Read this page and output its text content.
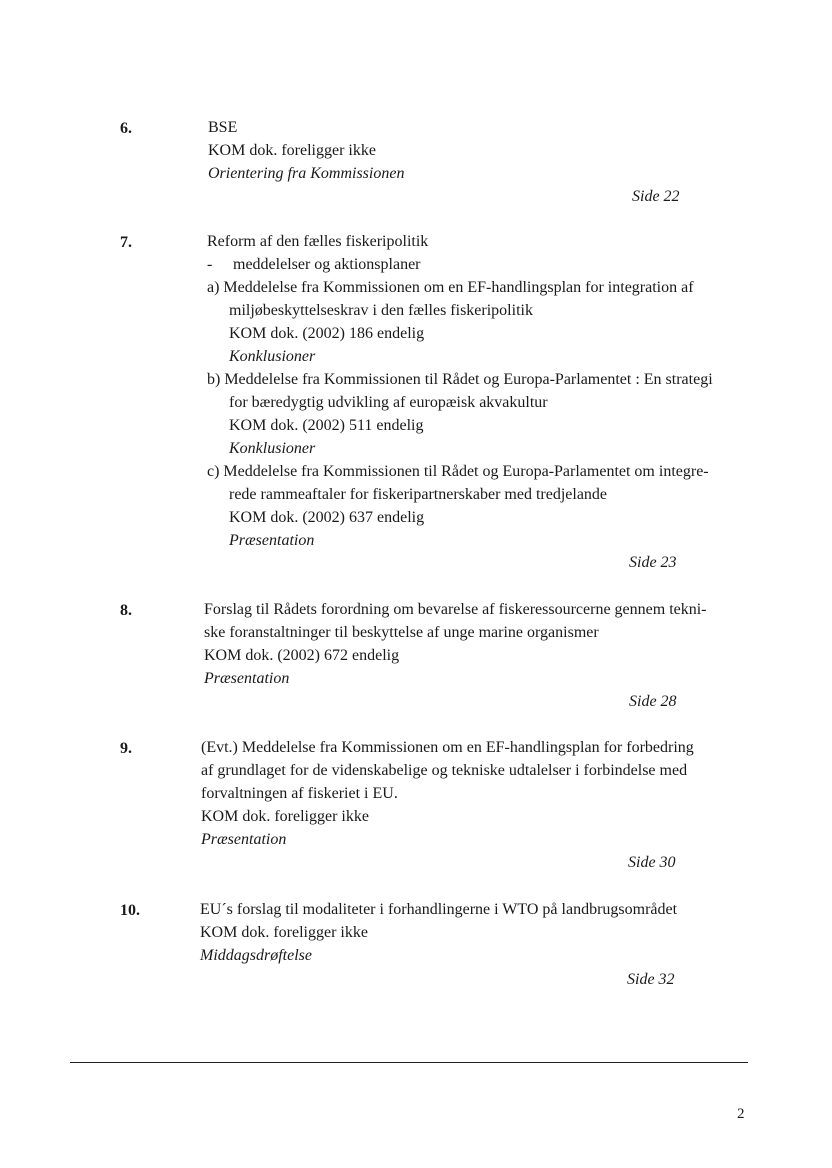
6.	BSE
KOM dok. foreligger ikke
Orientering fra Kommissionen
Side 22
7.	Reform af den fælles fiskeripolitik
- meddelelser og aktionsplaner
a) Meddelelse fra Kommissionen om en EF-handlingsplan for integration af
miljøbeskyttelseskrav i den fælles fiskeripolitik
KOM dok. (2002) 186 endelig
Konklusioner
b) Meddelelse fra Kommissionen til Rådet og Europa-Parlamentet : En strategi
for bæredygtig udvikling af europæisk akvakultur
KOM dok. (2002) 511 endelig
Konklusioner
c) Meddelelse fra Kommissionen til Rådet og Europa-Parlamentet om integre-
rede rammeaftaler for fiskeripartnerskaber med tredjelande
KOM dok. (2002) 637 endelig
Præsentation
Side 23
8.	Forslag til Rådets forordning om bevarelse af fiskeressourcerne gennem tekni-
ske foranstaltninger til beskyttelse af unge marine organismer
KOM dok. (2002) 672 endelig
Præsentation
Side 28
9.	(Evt.) Meddelelse fra Kommissionen om en EF-handlingsplan for forbedring
af grundlaget for de videnskabelige og tekniske udtalelser i forbindelse med
forvaltningen af fiskeriet i EU.
KOM dok. foreligger ikke
Præsentation
Side 30
10.	EU´s forslag til modaliteter i forhandlingerne i WTO på landbrugsområdet
KOM dok. foreligger ikke
Middagsdrøftelse
Side 32
2
